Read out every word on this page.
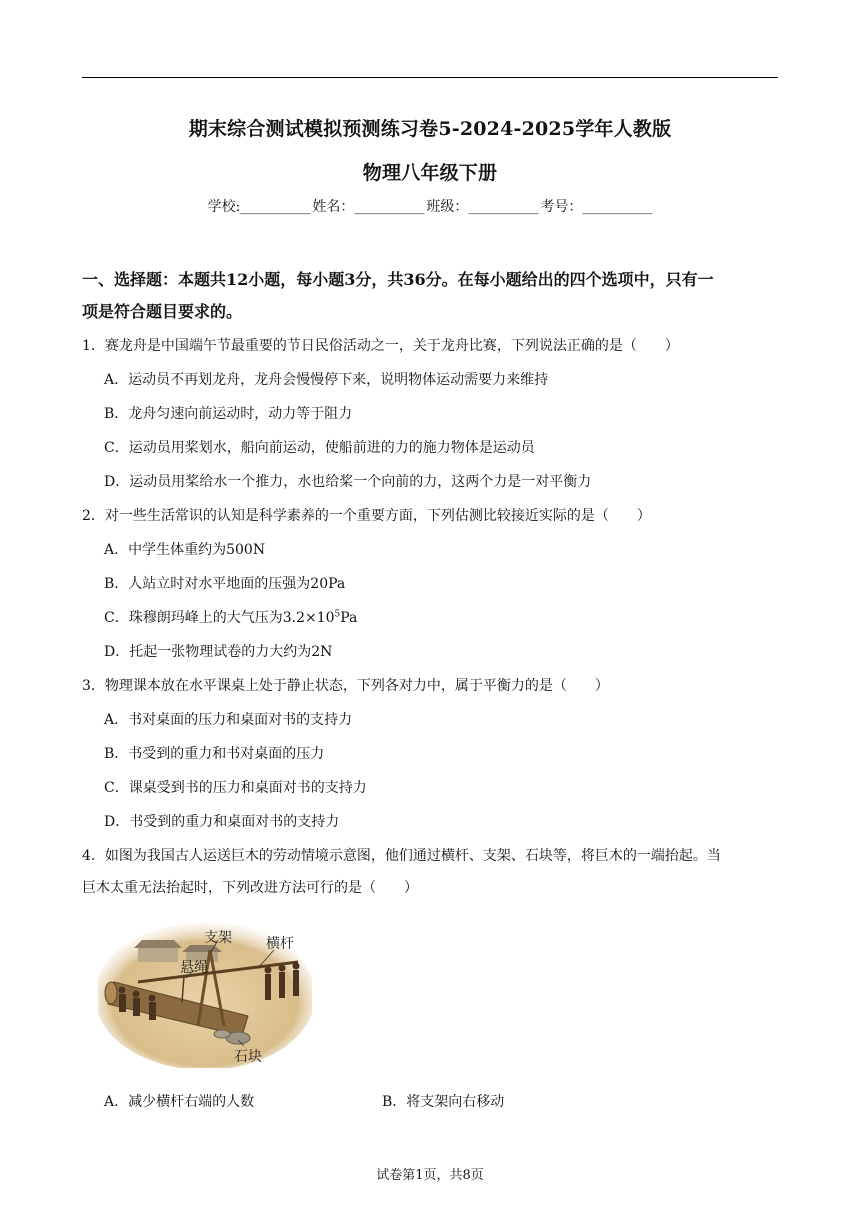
期末综合测试模拟预测练习卷5-2024-2025学年人教版
物理八年级下册
学校:__________ 姓名：__________ 班级：__________ 考号：__________
一、选择题：本题共12小题，每小题3分，共36分。在每小题给出的四个选项中，只有一
项是符合题目要求的。
1．赛龙舟是中国端午节最重要的节日民俗活动之一，关于龙舟比赛，下列说法正确的是（　　）
A．运动员不再划龙舟，龙舟会慢慢停下来，说明物体运动需要力来维持
B．龙舟匀速向前运动时，动力等于阻力
C．运动员用桨划水，船向前运动，使船前进的力的施力物体是运动员
D．运动员用桨给水一个推力，水也给桨一个向前的力，这两个力是一对平衡力
2．对一些生活常识的认知是科学素养的一个重要方面，下列估测比较接近实际的是（　　）
A．中学生体重约为500N
B．人站立时对水平地面的压强为20Pa
C．珠穆朗玛峰上的大气压为$3.2\times 10^5Pa$
D．托起一张物理试卷的力大约为2N
3．物理课本放在水平课桌上处于静止状态，下列各对力中，属于平衡力的是（　　）
A．书对桌面的压力和桌面对书的支持力
B．书受到的重力和书对桌面的压力
C．课桌受到书的压力和桌面对书的支持力
D．书受到的重力和桌面对书的支持力
4．如图为我国古人运送巨木的劳动情境示意图，他们通过横杆、支架、石块等，将巨木的一端抬起。当
巨木太重无法抬起时，下列改进方法可行的是（　　）
支架 横杆
悬绳
石块
A．减少横杆右端的人数	B．将支架向右移动
试卷第1页，共8页
